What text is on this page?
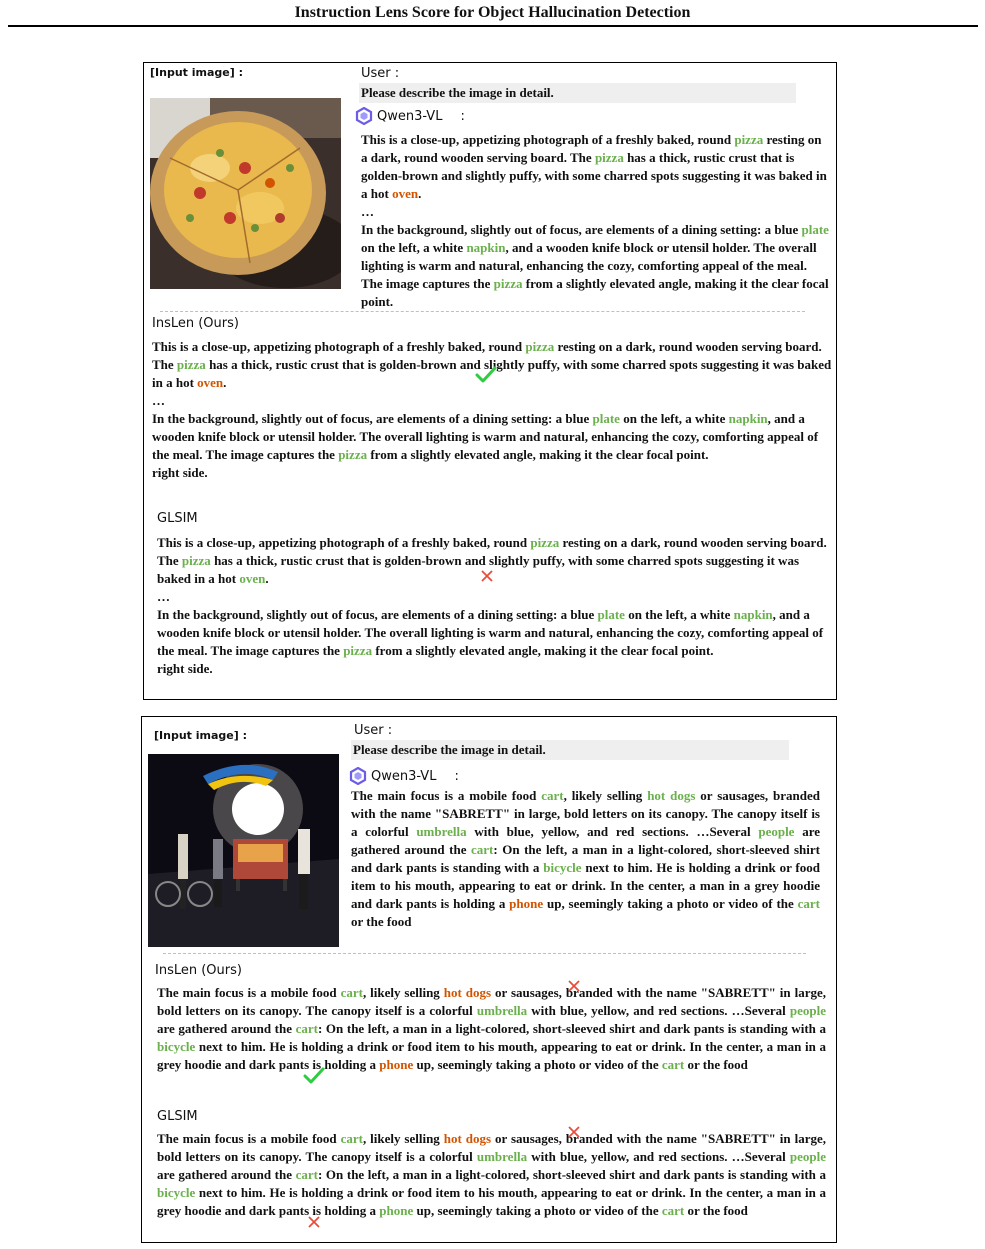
Instruction Lens Score for Object Hallucination Detection
[Input image] :	User :
Please describe the image in detail.
Qwen3-VL :
This is a close-up, appetizing photograph of a freshly baked, round pizza resting on a dark, round wooden serving board. The pizza has a thick, rustic crust that is golden-brown and slightly puffy, with some charred spots suggesting it was baked in a hot oven.
…
In the background, slightly out of focus, are elements of a dining setting: a blue plate on the left, a white napkin, and a wooden knife block or utensil holder. The overall lighting is warm and natural, enhancing the cozy, comforting appeal of the meal. The image captures the pizza from a slightly elevated angle, making it the clear focal point.
InsLen (Ours)
This is a close-up, appetizing photograph of a freshly baked, round pizza resting on a dark, round wooden serving board. The pizza has a thick, rustic crust that is golden-brown and slightly puffy, with some charred spots suggesting it was baked in a hot oven.
…
In the background, slightly out of focus, are elements of a dining setting: a blue plate on the left, a white napkin, and a wooden knife block or utensil holder. The overall lighting is warm and natural, enhancing the cozy, comforting appeal of the meal. The image captures the pizza from a slightly elevated angle, making it the clear focal point.
right side.
GLSIM
This is a close-up, appetizing photograph of a freshly baked, round pizza resting on a dark, round wooden serving board. The pizza has a thick, rustic crust that is golden-brown and slightly puffy, with some charred spots suggesting it was baked in a hot oven.
…
In the background, slightly out of focus, are elements of a dining setting: a blue plate on the left, a white napkin, and a wooden knife block or utensil holder. The overall lighting is warm and natural, enhancing the cozy, comforting appeal of the meal. The image captures the pizza from a slightly elevated angle, making it the clear focal point.
right side.
[Input image] :	User :
Please describe the image in detail.
Qwen3-VL :
The main focus is a mobile food cart, likely selling hot dogs or sausages, branded with the name "SABRETT" in large, bold letters on its canopy. The canopy itself is a colorful umbrella with blue, yellow, and red sections. …Several people are gathered around the cart: On the left, a man in a light-colored, short-sleeved shirt and dark pants is standing with a bicycle next to him. He is holding a drink or food item to his mouth, appearing to eat or drink. In the center, a man in a grey hoodie and dark pants is holding a phone up, seemingly taking a photo or video of the cart or the food
InsLen (Ours)
The main focus is a mobile food cart, likely selling hot dogs or sausages, branded with the name "SABRETT" in large, bold letters on its canopy. The canopy itself is a colorful umbrella with blue, yellow, and red sections. …Several people are gathered around the cart: On the left, a man in a light-colored, short-sleeved shirt and dark pants is standing with a bicycle next to him. He is holding a drink or food item to his mouth, appearing to eat or drink. In the center, a man in a grey hoodie and dark pants is holding a phone up, seemingly taking a photo or video of the cart or the food
GLSIM
The main focus is a mobile food cart, likely selling hot dogs or sausages, branded with the name "SABRETT" in large, bold letters on its canopy. The canopy itself is a colorful umbrella with blue, yellow, and red sections. …Several people are gathered around the cart: On the left, a man in a light-colored, short-sleeved shirt and dark pants is standing with a bicycle next to him. He is holding a drink or food item to his mouth, appearing to eat or drink. In the center, a man in a grey hoodie and dark pants is holding a phone up, seemingly taking a photo or video of the cart or the food
